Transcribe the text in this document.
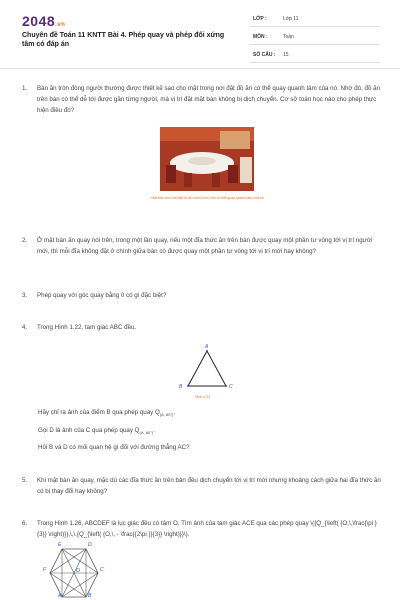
2048.vn
Chuyên đề Toán 11 KNTT Bài 4. Phép quay và phép đối xứng tâm có đáp án
LỚP :	Lớp 11
MÔN :	Toán
SỐ CÂU : 15
1. Bàn ăn tròn đông người thường được thiết kế sao cho mặt trong nơi đặt đồ ăn có thể quay quanh tâm của nó. Nhờ đó, đồ ăn trên bàn có thể dễ tới được gần từng người, mà vị trí đặt mặt bàn không bị dịch chuyển. Cơ sở toán học nào cho phép thực hiện điều đó?
Mặt bàn tròn nơi đặt đồ ăn chính tròn nhỏ có thể quay quanh tâm của nó
2. Ở mặt bàn ăn quay nói trên, trong một lần quay, nếu một đĩa thức ăn trên bàn được quay một phần tư vòng tới vị trí người mới, thì mỗi đĩa không đặt ở chính giữa bàn có được quay một phần tư vòng tới vị trí mới hay không?
3. Phép quay với góc quay bằng 0 có gì đặc biệt?
4. Trong Hình 1.22, tam giác ABC đều.
A
B	C
Hình 1.22
Hãy chỉ ra ảnh của điểm B qua phép quay $Q_{(A, 60^\circ)}$.
Gọi D là ảnh của C qua phép quay $Q_{(A, 60^\circ)}$.
Hỏi B và D có mối quan hệ gì đối với đường thẳng AC?
5. Khi mặt bàn ăn quay, mặc dù các đĩa thức ăn trên bàn đều dịch chuyển tới vị trí mới nhưng khoảng cách giữa hai đĩa thức ăn có bị thay đổi hay không?
6. Trong Hình 1.26, ABCDEF là lục giác đều có tâm O. Tìm ảnh của tam giác ACE qua các phép quay \({Q_{\left( {O,\,\frac{\pi }{3}} \right)}},\,\,{Q_{\left( {O,\, - \frac{{2\pi }}{3}} \right)}}\).
E	D
F	C
A	B
O
